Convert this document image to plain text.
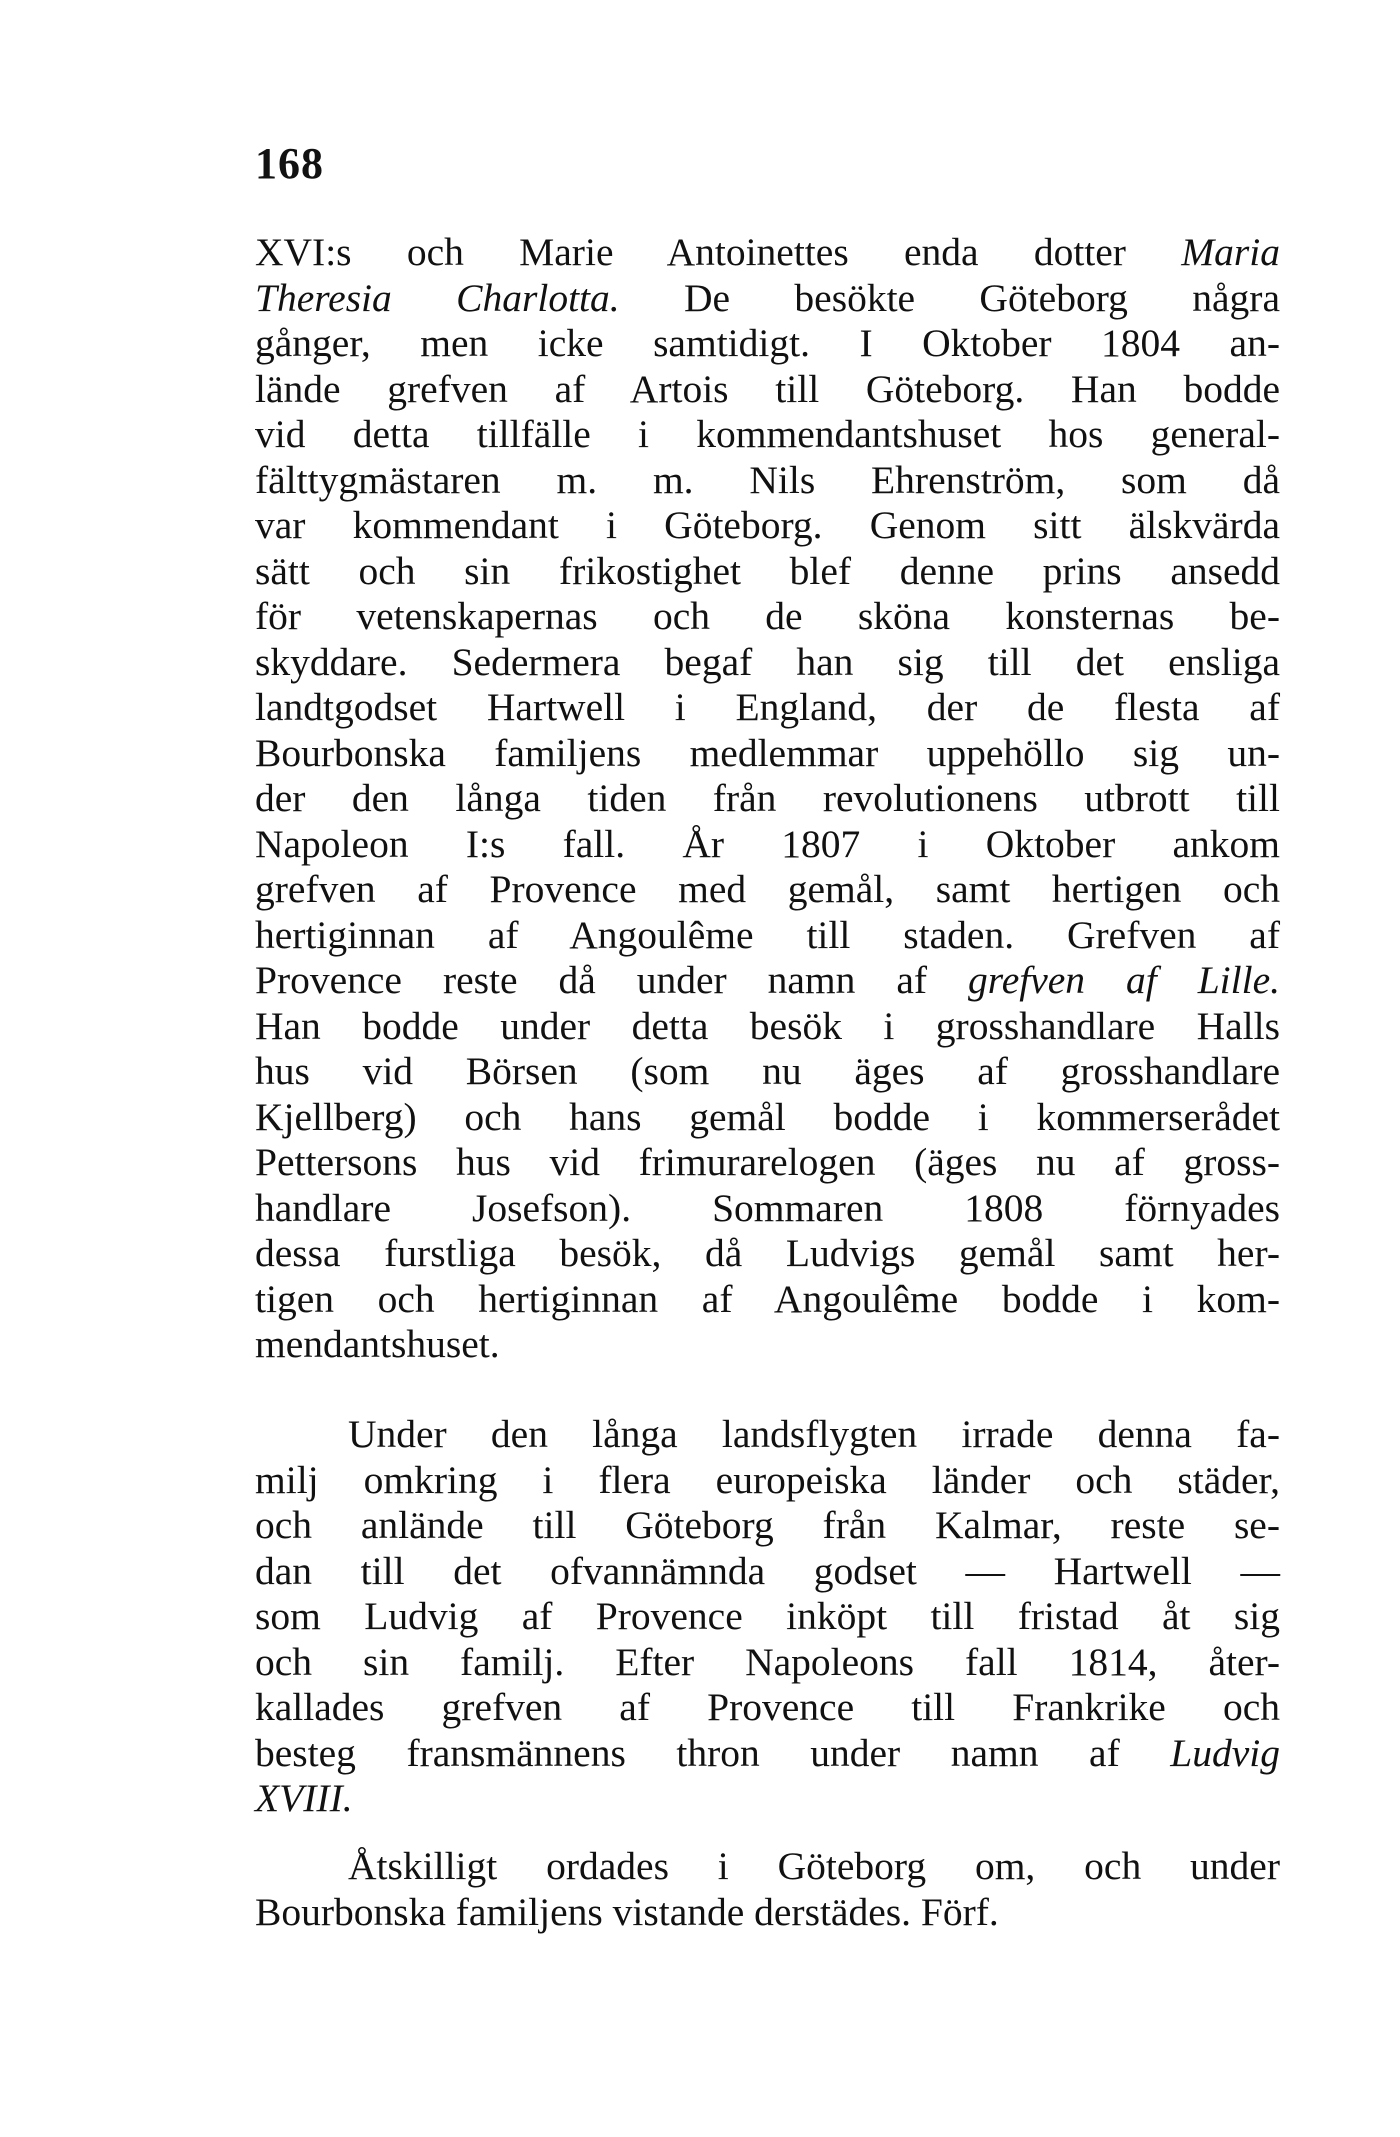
168
XVI:s och Marie Antoinettes enda dotter Maria
Theresia Charlotta. De besökte Göteborg några
gånger, men icke samtidigt. I Oktober 1804 an-
lände grefven af Artois till Göteborg. Han bodde
vid detta tillfälle i kommendantshuset hos general-
fälttygmästaren m. m. Nils Ehrenström, som då
var kommendant i Göteborg. Genom sitt älskvärda
sätt och sin frikostighet blef denne prins ansedd
för vetenskapernas och de sköna konsternas be-
skyddare. Sedermera begaf han sig till det ensliga
landtgodset Hartwell i England, der de flesta af
Bourbonska familjens medlemmar uppehöllo sig un-
der den långa tiden från revolutionens utbrott till
Napoleon I:s fall. År 1807 i Oktober ankom
grefven af Provence med gemål, samt hertigen och
hertiginnan af Angoulême till staden. Grefven af
Provence reste då under namn af grefven af Lille.
Han bodde under detta besök i grosshandlare Halls
hus vid Börsen (som nu äges af grosshandlare
Kjellberg) och hans gemål bodde i kommerserådet
Pettersons hus vid frimurarelogen (äges nu af gross-
handlare Josefson). Sommaren 1808 förnyades
dessa furstliga besök, då Ludvigs gemål samt her-
tigen och hertiginnan af Angoulême bodde i kom-
mendantshuset.
Under den långa landsflygten irrade denna fa-
milj omkring i flera europeiska länder och städer,
och anlände till Göteborg från Kalmar, reste se-
dan till det ofvannämnda godset — Hartwell —
som Ludvig af Provence inköpt till fristad åt sig
och sin familj. Efter Napoleons fall 1814, åter-
kallades grefven af Provence till Frankrike och
besteg fransmännens thron under namn af Ludvig
XVIII.
Åtskilligt ordades i Göteborg om, och under
Bourbonska familjens vistande derstädes. Förf.
